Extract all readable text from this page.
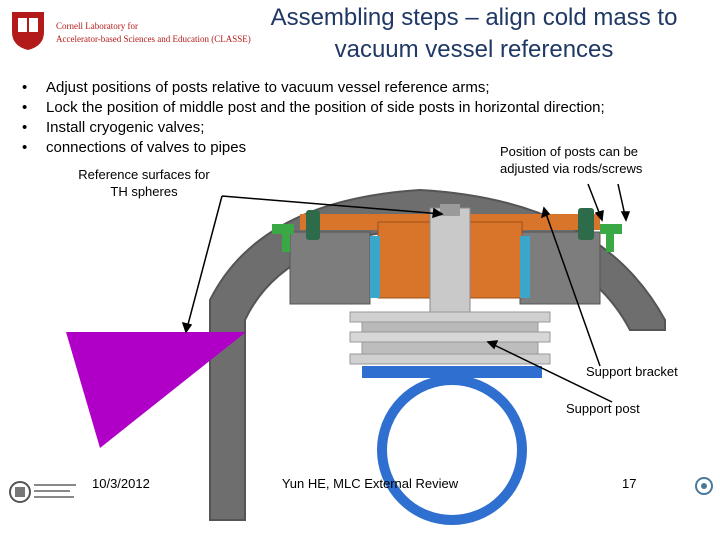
Cornell Laboratory for
Accelerator-based Sciences and Education (CLASSE)
Assembling steps – align cold mass to
vacuum vessel references
• Adjust positions of posts relative to vacuum vessel reference arms;
• Lock the position of middle post and the position of side posts in horizontal direction;
• Install cryogenic valves;
• connections of valves to pipes
Reference surfaces for
TH spheres
Position of posts can be
adjusted via rods/screws
Support bracket
Support post
10/3/2012	Yun HE, MLC External Review	17
